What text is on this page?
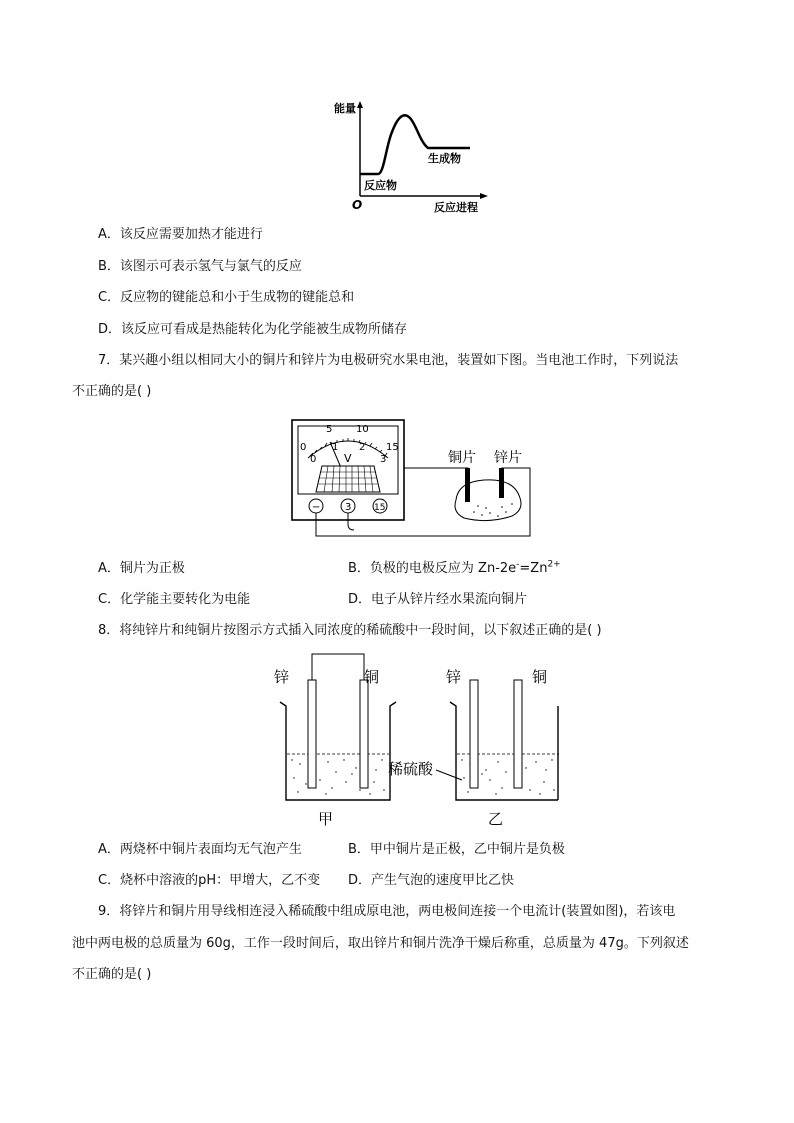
能量
O	反应进程
反应物
生成物
A．该反应需要加热才能进行
B．该图示可表示氢气与氯气的反应
C．反应物的键能总和小于生成物的键能总和
D．该反应可看成是热能转化为化学能被生成物所储存
7．某兴趣小组以相同大小的铜片和锌片为电极研究水果电池，装置如下图。当电池工作时，下列说法
不正确的是( )
0
5 10
15
0
1 2
3
V
− 3	15
铜片 锌片
A．铜片为正极	B．负极的电极反应为 $Zn-2e^-=Zn^{2+}$
C．化学能主要转化为电能	D．电子从锌片经水果流向铜片
8．将纯锌片和纯铜片按图示方式插入同浓度的稀硫酸中一段时间，以下叙述正确的是( )
锌	铜
甲
锌	铜
乙
稀硫酸
A．两烧杯中铜片表面均无气泡产生	B．甲中铜片是正极，乙中铜片是负极
C．烧杯中溶液的pH：甲增大，乙不变 D．产生气泡的速度甲比乙快
9．将锌片和铜片用导线相连浸入稀硫酸中组成原电池，两电极间连接一个电流计(装置如图)，若该电
池中两电极的总质量为 60g，工作一段时间后，取出锌片和铜片洗净干燥后称重，总质量为 47g。下列叙述
不正确的是( )
